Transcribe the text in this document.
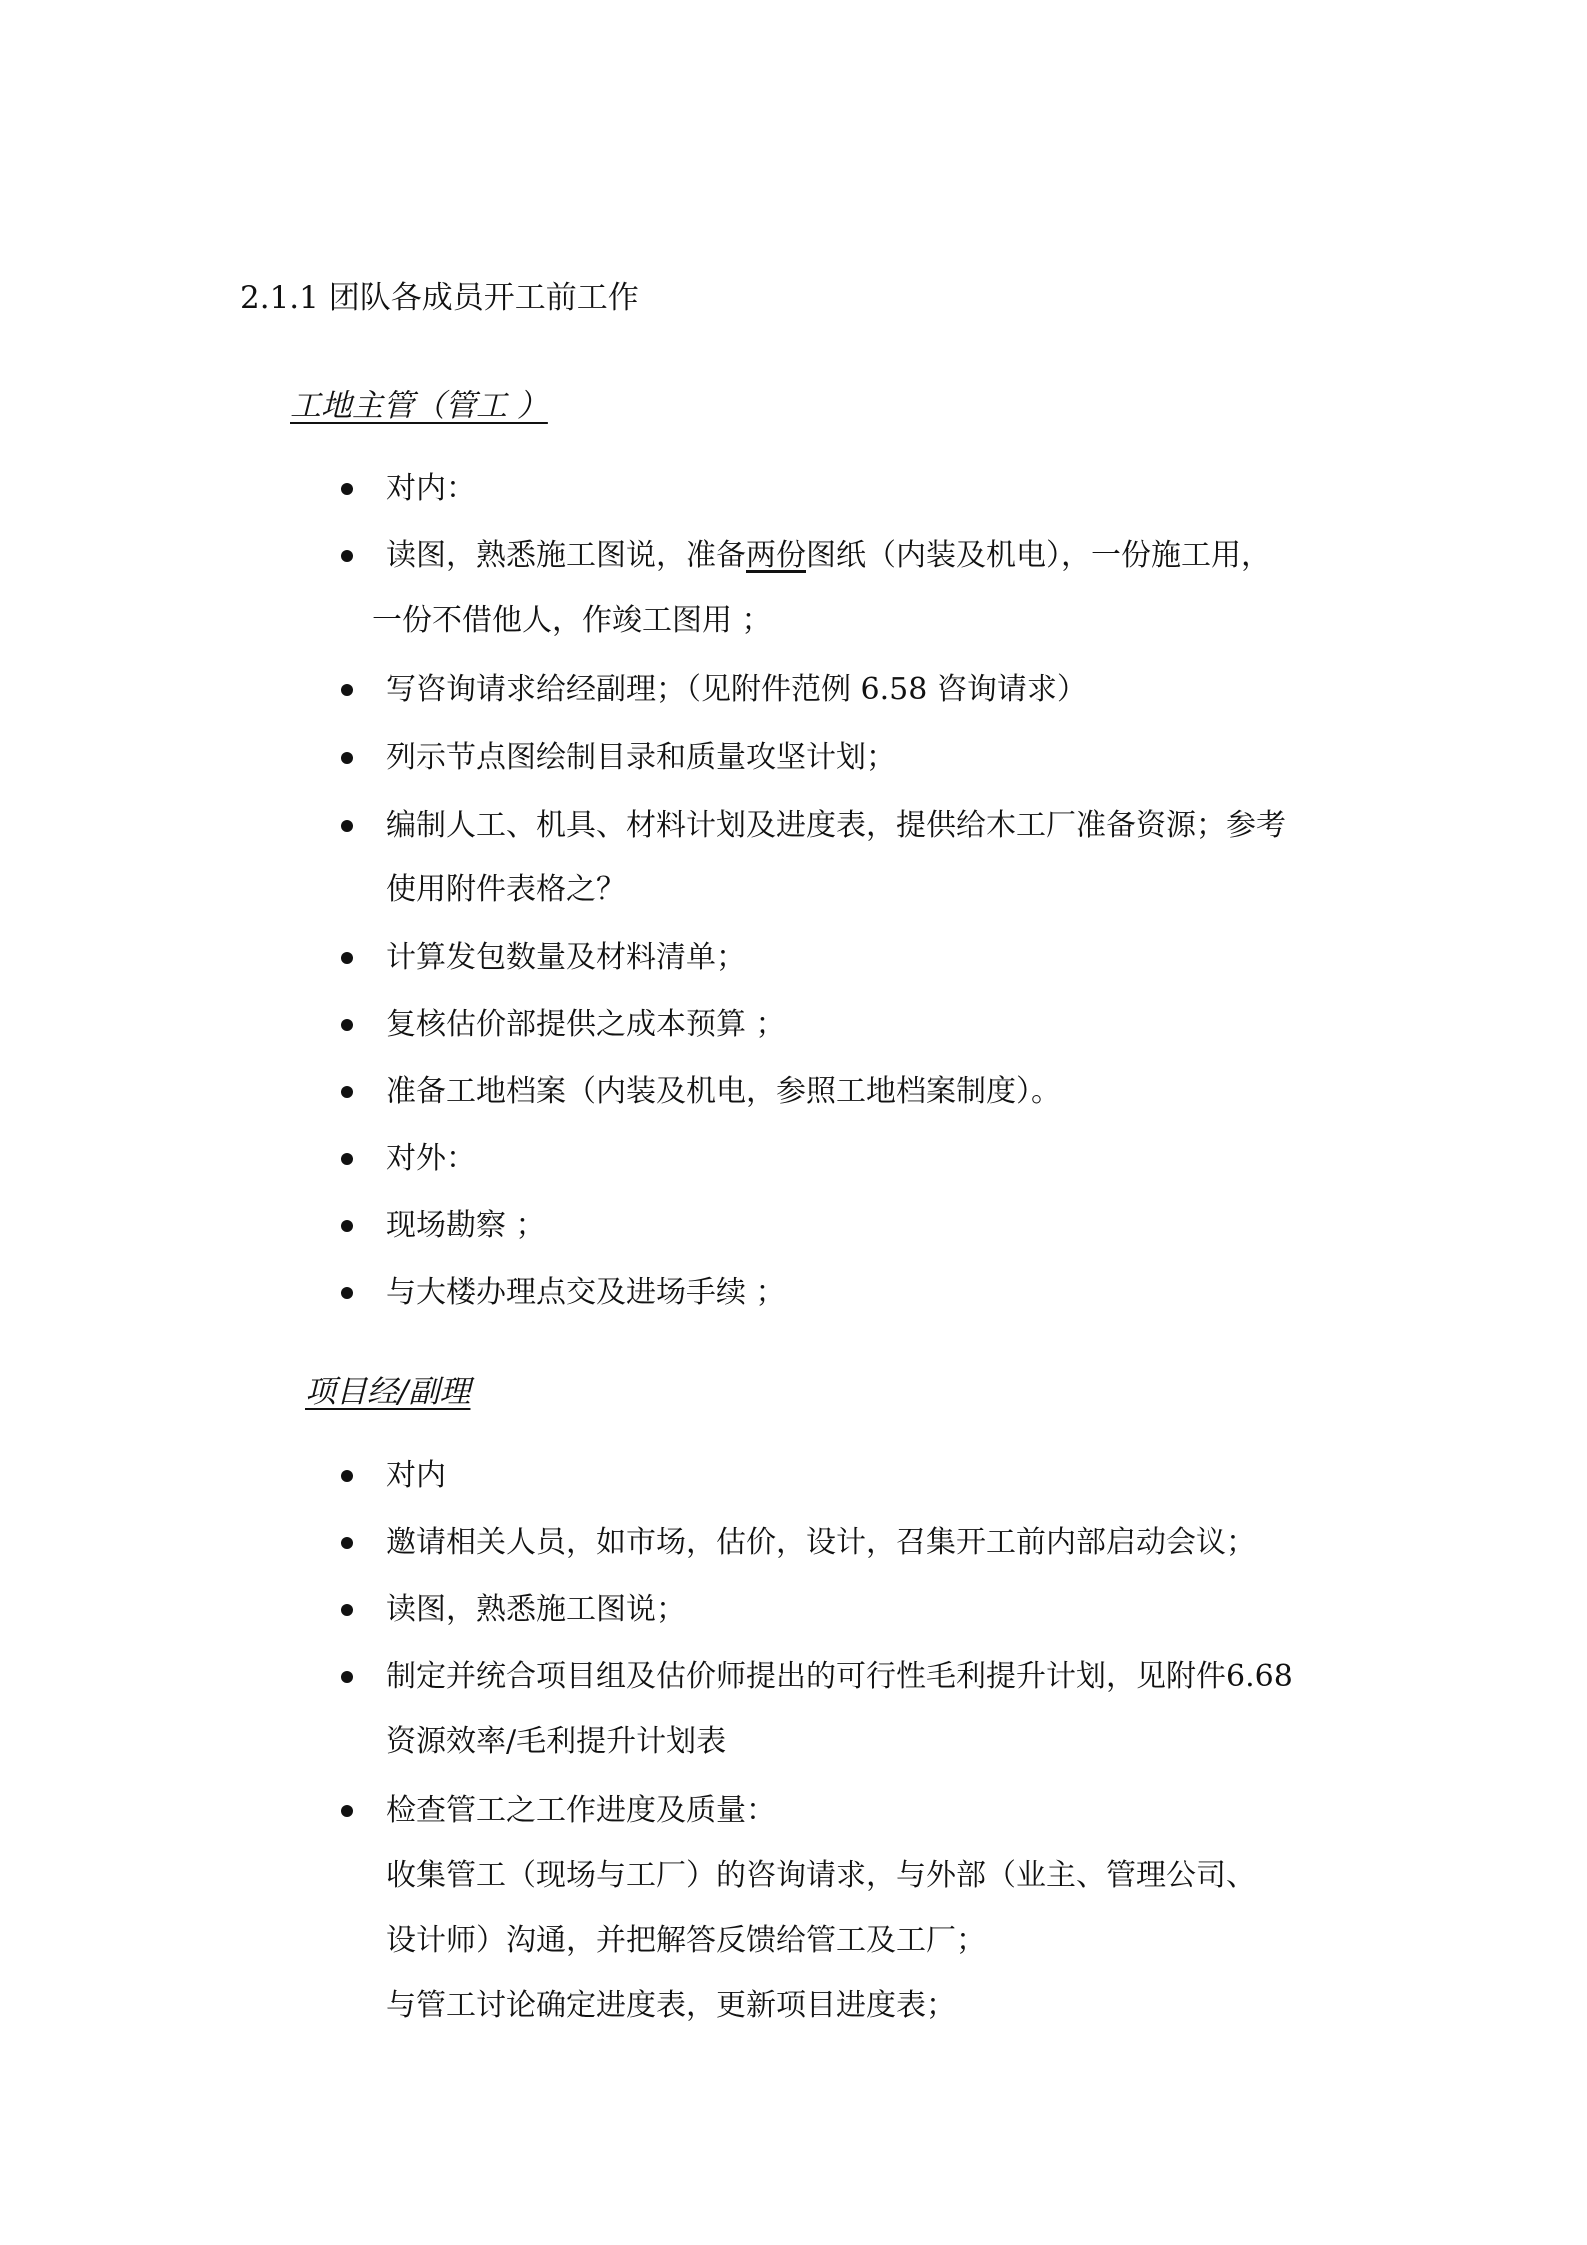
2.1.1 团队各成员开工前工作
工地主管（管工 ）
对内：
读图，熟悉施工图说，准备两份图纸（内装及机电），一份施工用，
一份不借他人，作竣工图用 ；
写咨询请求给经副理；（见附件范例 6.58 咨询请求）
列示节点图绘制目录和质量攻坚计划；
编制人工、机具、材料计划及进度表，提供给木工厂准备资源；参考
使用附件表格之？
计算发包数量及材料清单；
复核估价部提供之成本预算 ；
准备工地档案（内装及机电，参照工地档案制度）。
对外：
现场勘察 ；
与大楼办理点交及进场手续 ；
项目经/副理
对内
邀请相关人员，如市场，估价，设计，召集开工前内部启动会议；
读图，熟悉施工图说；
制定并统合项目组及估价师提出的可行性毛利提升计划，见附件6.68
资源效率/毛利提升计划表
检查管工之工作进度及质量：
收集管工（现场与工厂）的咨询请求，与外部（业主、管理公司、
设计师）沟通，并把解答反馈给管工及工厂；
与管工讨论确定进度表，更新项目进度表；
